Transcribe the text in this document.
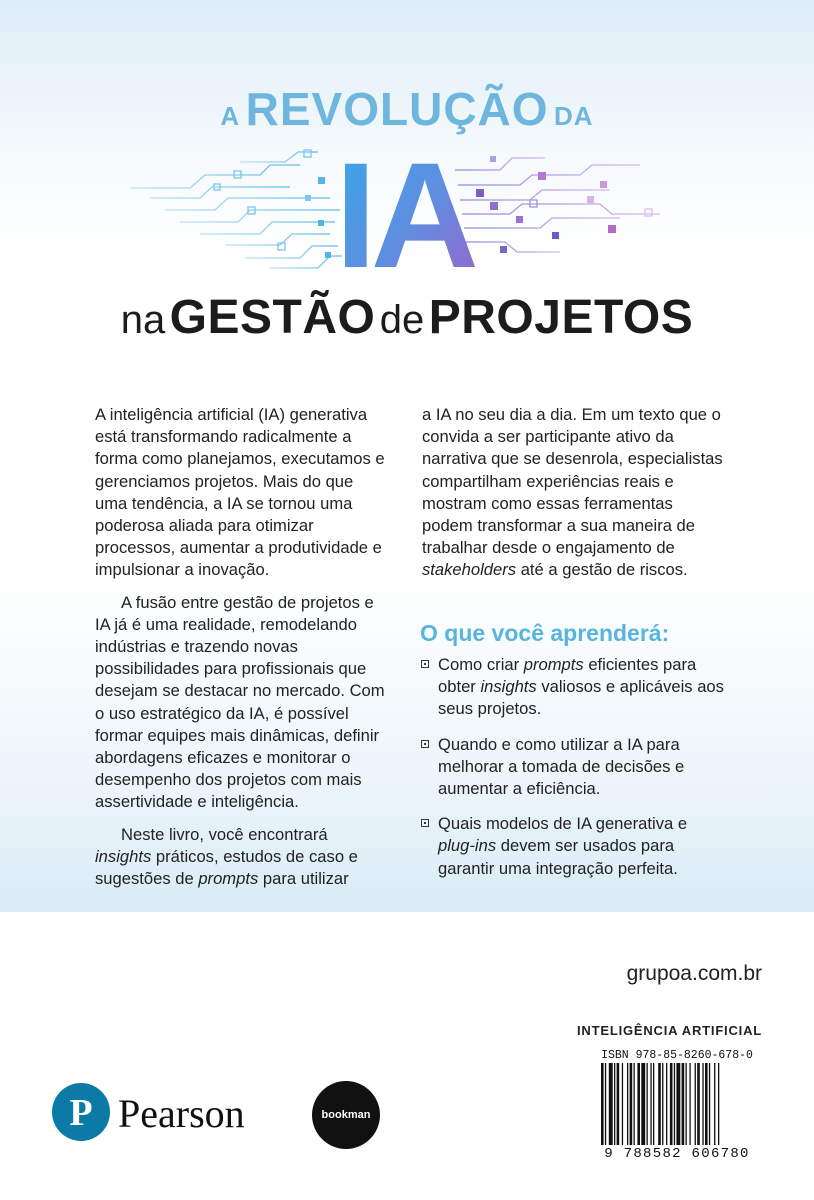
A REVOLUÇÃO DA
IA
na GESTÃO de PROJETOS

A inteligência artificial (IA) generativa está transformando radicalmente a forma como planejamos, executamos e gerenciamos projetos. Mais do que uma tendência, a IA se tornou uma poderosa aliada para otimizar processos, aumentar a produtividade e impulsionar a inovação.

A fusão entre gestão de projetos e IA já é uma realidade, remodelando indústrias e trazendo novas possibilidades para profissionais que desejam se destacar no mercado. Com o uso estratégico da IA, é possível formar equipes mais dinâmicas, definir abordagens eficazes e monitorar o desempenho dos projetos com mais assertividade e inteligência.

Neste livro, você encontrará insights práticos, estudos de caso e sugestões de prompts para utilizar

a IA no seu dia a dia. Em um texto que o convida a ser participante ativo da narrativa que se desenrola, especialistas compartilham experiências reais e mostram como essas ferramentas podem transformar a sua maneira de trabalhar desde o engajamento de stakeholders até a gestão de riscos.

O que você aprenderá:
Como criar prompts eficientes para obter insights valiosos e aplicáveis aos seus projetos.
Quando e como utilizar a IA para melhorar a tomada de decisões e aumentar a eficiência.
Quais modelos de IA generativa e plug-ins devem ser usados para garantir uma integração perfeita.
grupoa.com.br
INTELIGÊNCIA ARTIFICIAL
ISBN 978-85-8260-678-0
9 788582 606780
P Pearson	bookman
